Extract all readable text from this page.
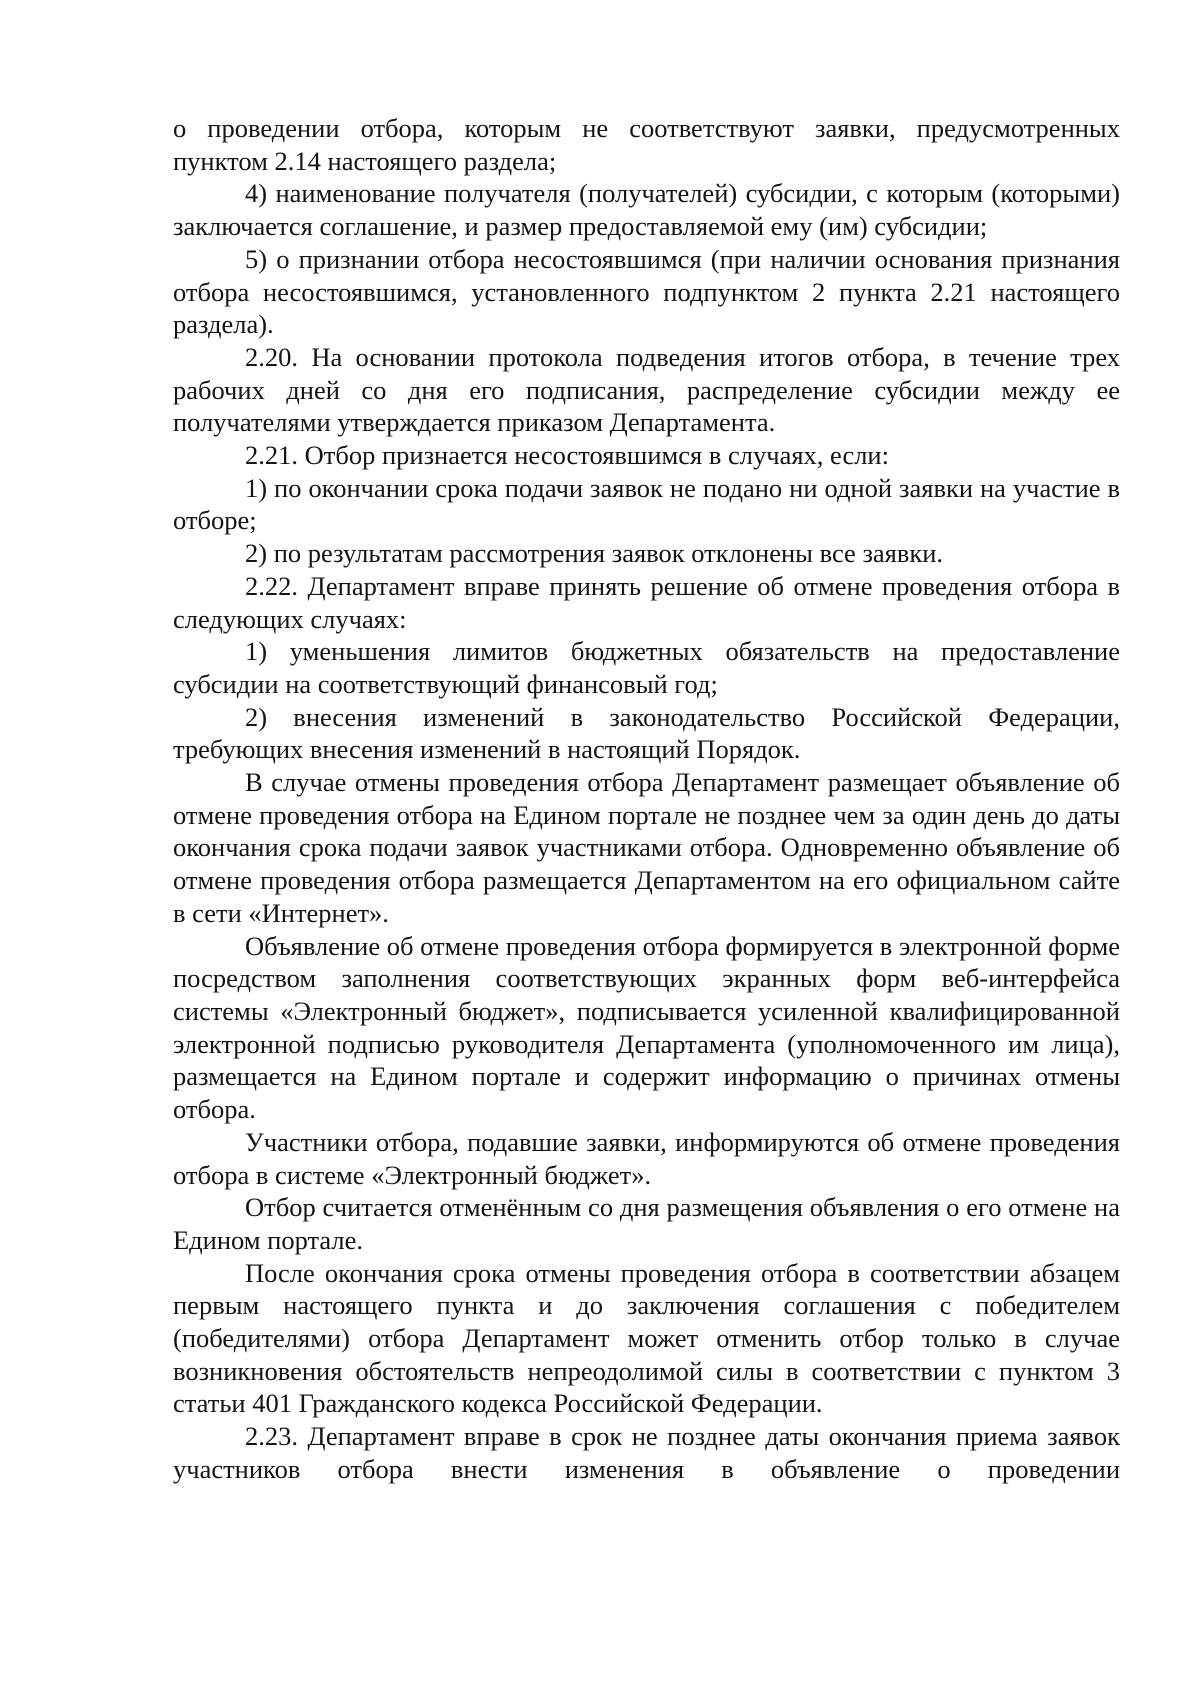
о проведении отбора, которым не соответствуют заявки, предусмотренных пунктом 2.14 настоящего раздела;

4) наименование получателя (получателей) субсидии, с которым (которыми) заключается соглашение, и размер предоставляемой ему (им) субсидии;

5) о признании отбора несостоявшимся (при наличии основания признания отбора несостоявшимся, установленного подпунктом 2 пункта 2.21 настоящего раздела).

2.20. На основании протокола подведения итогов отбора, в течение трех рабочих дней со дня его подписания, распределение субсидии между ее получателями утверждается приказом Департамента.

2.21. Отбор признается несостоявшимся в случаях, если:

1) по окончании срока подачи заявок не подано ни одной заявки на участие в отборе;

2) по результатам рассмотрения заявок отклонены все заявки.

2.22. Департамент вправе принять решение об отмене проведения отбора в следующих случаях:

1) уменьшения лимитов бюджетных обязательств на предоставление субсидии на соответствующий финансовый год;

2) внесения изменений в законодательство Российской Федерации, требующих внесения изменений в настоящий Порядок.

В случае отмены проведения отбора Департамент размещает объявление об отмене проведения отбора на Едином портале не позднее чем за один день до даты окончания срока подачи заявок участниками отбора. Одновременно объявление об отмене проведения отбора размещается Департаментом на его официальном сайте в сети «Интернет».

Объявление об отмене проведения отбора формируется в электронной форме посредством заполнения соответствующих экранных форм веб-интерфейса системы «Электронный бюджет», подписывается усиленной квалифицированной электронной подписью руководителя Департамента (уполномоченного им лица), размещается на Едином портале и содержит информацию о причинах отмены отбора.

Участники отбора, подавшие заявки, информируются об отмене проведения отбора в системе «Электронный бюджет».

Отбор считается отменённым со дня размещения объявления о его отмене на Едином портале.

После окончания срока отмены проведения отбора в соответствии абзацем первым настоящего пункта и до заключения соглашения с победителем (победителями) отбора Департамент может отменить отбор только в случае возникновения обстоятельств непреодолимой силы в соответствии с пунктом 3 статьи 401 Гражданского кодекса Российской Федерации.

2.23. Департамент вправе в срок не позднее даты окончания приема заявок участников отбора внести изменения в объявление о проведении
